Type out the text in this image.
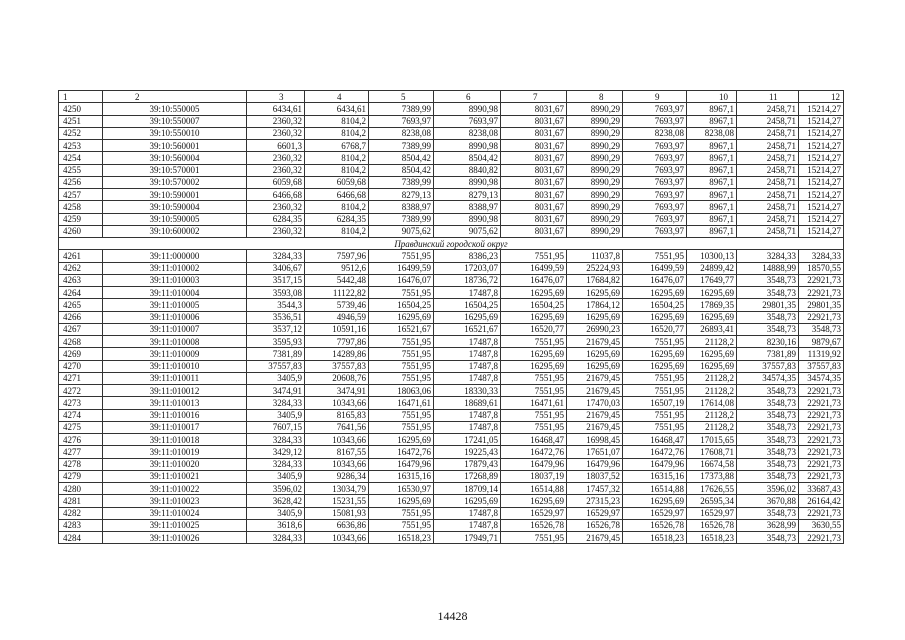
1	2	3	4	5	6	7	8	9	10	11	12
4250	39:10:550005	6434,61	6434,61	7389,99	8990,98	8031,67	8990,29	7693,97	8967,1	2458,71	15214,27
4251	39:10:550007	2360,32	8104,2	7693,97	7693,97	8031,67	8990,29	7693,97	8967,1	2458,71	15214,27
4252	39:10:550010	2360,32	8104,2	8238,08	8238,08	8031,67	8990,29	8238,08	8238,08	2458,71	15214,27
4253	39:10:560001	6601,3	6768,7	7389,99	8990,98	8031,67	8990,29	7693,97	8967,1	2458,71	15214,27
4254	39:10:560004	2360,32	8104,2	8504,42	8504,42	8031,67	8990,29	7693,97	8967,1	2458,71	15214,27
4255	39:10:570001	2360,32	8104,2	8504,42	8840,82	8031,67	8990,29	7693,97	8967,1	2458,71	15214,27
4256	39:10:570002	6059,68	6059,68	7389,99	8990,98	8031,67	8990,29	7693,97	8967,1	2458,71	15214,27
4257	39:10:590001	6466,68	6466,68	8279,13	8279,13	8031,67	8990,29	7693,97	8967,1	2458,71	15214,27
4258	39:10:590004	2360,32	8104,2	8388,97	8388,97	8031,67	8990,29	7693,97	8967,1	2458,71	15214,27
4259	39:10:590005	6284,35	6284,35	7389,99	8990,98	8031,67	8990,29	7693,97	8967,1	2458,71	15214,27
4260	39:10:600002	2360,32	8104,2	9075,62	9075,62	8031,67	8990,29	7693,97	8967,1	2458,71	15214,27
Правдинский городской округ											
4261	39:11:000000	3284,33	7597,96	7551,95	8386,23	7551,95	11037,8	7551,95	10300,13	3284,33	3284,33
4262	39:11:010002	3406,67	9512,6	16499,59	17203,07	16499,59	25224,93	16499,59	24899,42	14888,99	18570,55
4263	39:11:010003	3517,15	5442,48	16476,07	18736,72	16476,07	17684,82	16476,07	17649,77	3548,73	22921,73
4264	39:11:010004	3593,08	11122,82	7551,95	17487,8	16295,69	16295,69	16295,69	16295,69	3548,73	22921,73
4265	39:11:010005	3544,3	5739,46	16504,25	16504,25	16504,25	17864,12	16504,25	17869,35	29801,35	29801,35
4266	39:11:010006	3536,51	4946,59	16295,69	16295,69	16295,69	16295,69	16295,69	16295,69	3548,73	22921,73
4267	39:11:010007	3537,12	10591,16	16521,67	16521,67	16520,77	26990,23	16520,77	26893,41	3548,73	3548,73
4268	39:11:010008	3595,93	7797,86	7551,95	17487,8	7551,95	21679,45	7551,95	21128,2	8230,16	9879,67
4269	39:11:010009	7381,89	14289,86	7551,95	17487,8	16295,69	16295,69	16295,69	16295,69	7381,89	11319,92
4270	39:11:010010	37557,83	37557,83	7551,95	17487,8	16295,69	16295,69	16295,69	16295,69	37557,83	37557,83
4271	39:11:010011	3405,9	20608,76	7551,95	17487,8	7551,95	21679,45	7551,95	21128,2	34574,35	34574,35
4272	39:11:010012	3474,91	3474,91	18063,06	18330,33	7551,95	21679,45	7551,95	21128,2	3548,73	22921,73
4273	39:11:010013	3284,33	10343,66	16471,61	18689,61	16471,61	17470,03	16507,19	17614,08	3548,73	22921,73
4274	39:11:010016	3405,9	8165,83	7551,95	17487,8	7551,95	21679,45	7551,95	21128,2	3548,73	22921,73
4275	39:11:010017	7607,15	7641,56	7551,95	17487,8	7551,95	21679,45	7551,95	21128,2	3548,73	22921,73
4276	39:11:010018	3284,33	10343,66	16295,69	17241,05	16468,47	16998,45	16468,47	17015,65	3548,73	22921,73
4277	39:11:010019	3429,12	8167,55	16472,76	19225,43	16472,76	17651,07	16472,76	17608,71	3548,73	22921,73
4278	39:11:010020	3284,33	10343,66	16479,96	17879,43	16479,96	16479,96	16479,96	16674,58	3548,73	22921,73
4279	39:11:010021	3405,9	9286,34	16315,16	17268,89	18037,19	18037,52	16315,16	17373,88	3548,73	22921,73
4280	39:11:010022	3596,02	13034,79	16530,97	18709,14	16514,88	17457,32	16514,88	17626,55	3596,02	33687,43
4281	39:11:010023	3628,42	15231,55	16295,69	16295,69	16295,69	27315,23	16295,69	26595,34	3670,88	26164,42
4282	39:11:010024	3405,9	15081,93	7551,95	17487,8	16529,97	16529,97	16529,97	16529,97	3548,73	22921,73
4283	39:11:010025	3618,6	6636,86	7551,95	17487,8	16526,78	16526,78	16526,78	16526,78	3628,99	3630,55
4284	39:11:010026	3284,33	10343,66	16518,23	17949,71	7551,95	21679,45	16518,23	16518,23	3548,73	22921,73
14428
